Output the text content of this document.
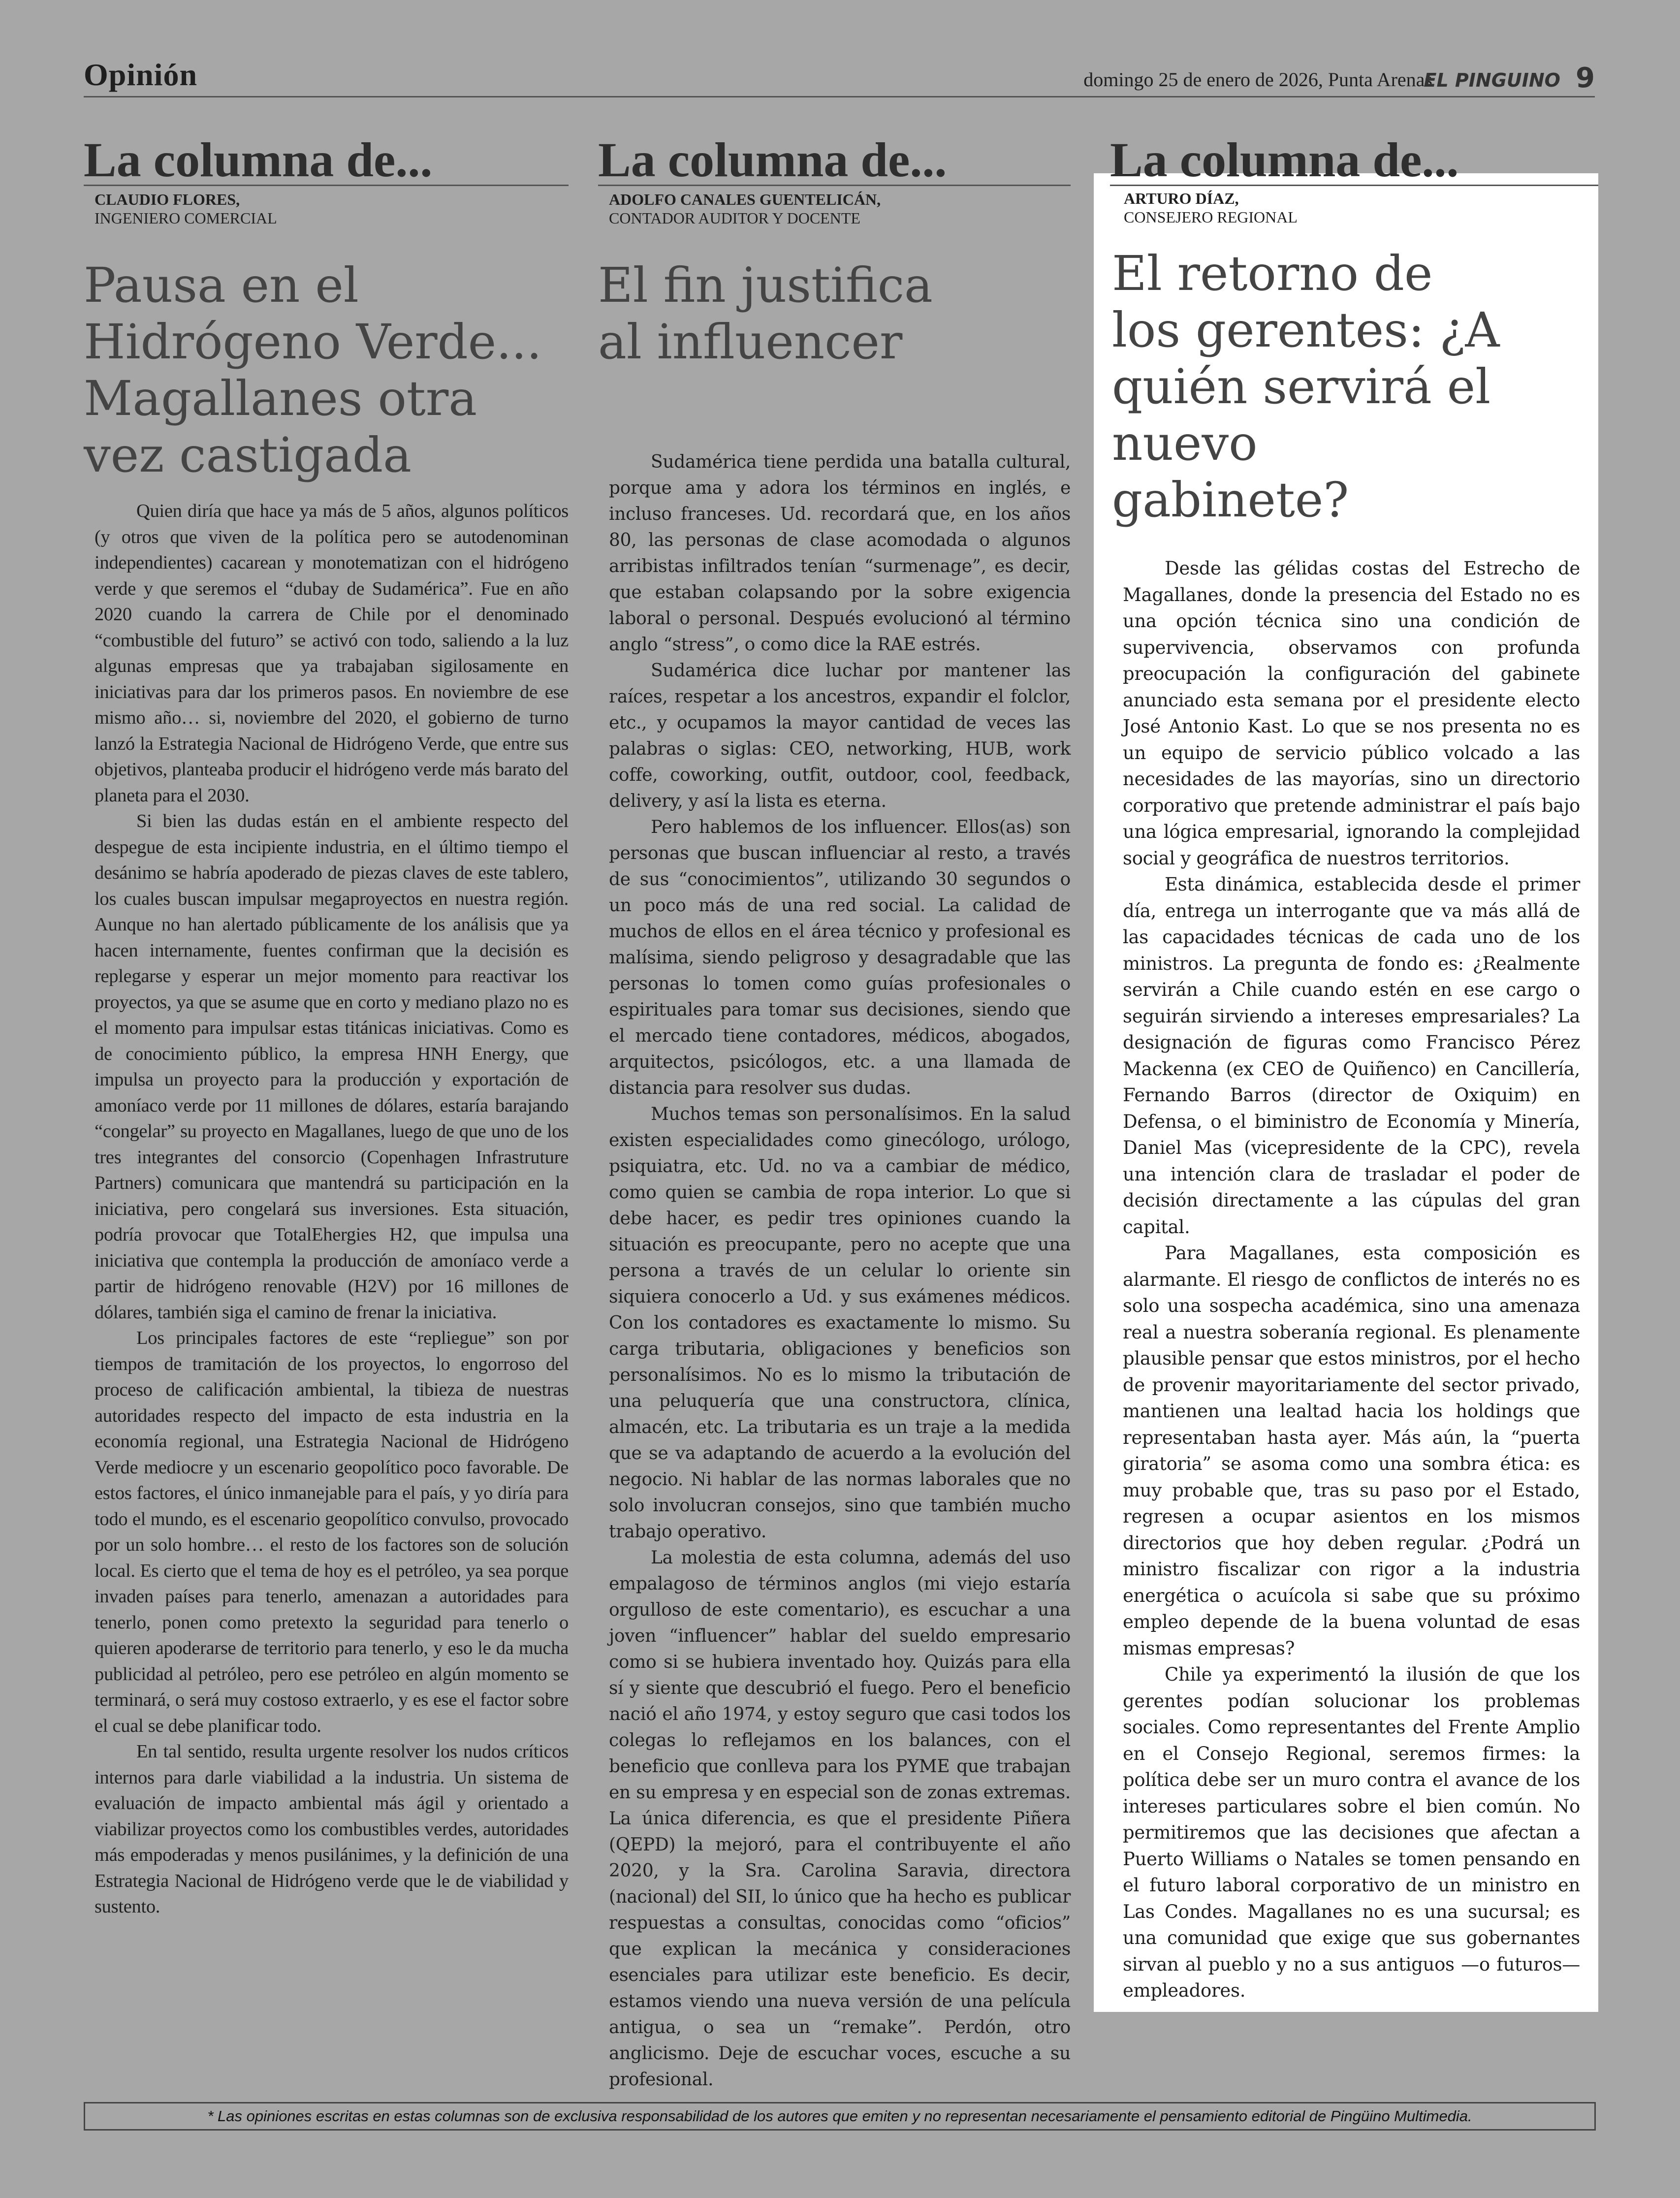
Opinión	domingo 25 de enero de 2026, Punta Arenas
EL PINGUINO 9
La columna de...
CLAUDIO FLORES,
INGENIERO COMERCIAL
Pausa en el Hidrógeno Verde... Magallanes otra vez castigada

Quien diría que hace ya más de 5 años, algunos políticos (y otros que viven de la política pero se autodenominan independientes) cacarean y monotematizan con el hidrógeno verde y que seremos el “dubay de Sudamérica”. Fue en año 2020 cuando la carrera de Chile por el denominado “combustible del futuro” se activó con todo, saliendo a la luz algunas empresas que ya trabajaban sigilosamente en iniciativas para dar los primeros pasos. En noviembre de ese mismo año… si, noviembre del 2020, el gobierno de turno lanzó la Estrategia Nacional de Hidrógeno Verde, que entre sus objetivos, planteaba producir el hidrógeno verde más barato del planeta para el 2030.

Si bien las dudas están en el ambiente respecto del despegue de esta incipiente industria, en el último tiempo el desánimo se habría apoderado de piezas claves de este tablero, los cuales buscan impulsar megaproyectos en nuestra región. Aunque no han alertado públicamente de los análisis que ya hacen internamente, fuentes confirman que la decisión es replegarse y esperar un mejor momento para reactivar los proyectos, ya que se asume que en corto y mediano plazo no es el momento para impulsar estas titánicas iniciativas. Como es de conocimiento público, la empresa HNH Energy, que impulsa un proyecto para la producción y exportación de amoníaco verde por 11 millones de dólares, estaría barajando “congelar” su proyecto en Magallanes, luego de que uno de los tres integrantes del consorcio (Copenhagen Infrastruture Partners) comunicara que mantendrá su participación en la iniciativa, pero congelará sus inversiones. Esta situación, podría provocar que TotalEhergies H2, que impulsa una iniciativa que contempla la producción de amoníaco verde a partir de hidrógeno renovable (H2V) por 16 millones de dólares, también siga el camino de frenar la iniciativa.

Los principales factores de este “repliegue” son por tiempos de tramitación de los proyectos, lo engorroso del proceso de calificación ambiental, la tibieza de nuestras autoridades respecto del impacto de esta industria en la economía regional, una Estrategia Nacional de Hidrógeno Verde mediocre y un escenario geopolítico poco favorable. De estos factores, el único inmanejable para el país, y yo diría para todo el mundo, es el escenario geopolítico convulso, provocado por un solo hombre… el resto de los factores son de solución local. Es cierto que el tema de hoy es el petróleo, ya sea porque invaden países para tenerlo, amenazan a autoridades para tenerlo, ponen como pretexto la seguridad para tenerlo o quieren apoderarse de territorio para tenerlo, y eso le da mucha publicidad al petróleo, pero ese petróleo en algún momento se terminará, o será muy costoso extraerlo, y es ese el factor sobre el cual se debe planificar todo.

En tal sentido, resulta urgente resolver los nudos críticos internos para darle viabilidad a la industria. Un sistema de evaluación de impacto ambiental más ágil y orientado a viabilizar proyectos como los combustibles verdes, autoridades más empoderadas y menos pusilánimes, y la definición de una Estrategia Nacional de Hidrógeno verde que le de viabilidad y sustento.

La columna de...
ADOLFO CANALES GUENTELICÁN,
CONTADOR AUDITOR Y DOCENTE
El fin justifica al influencer

Sudamérica tiene perdida una batalla cultural, porque ama y adora los términos en inglés, e incluso franceses. Ud. recordará que, en los años 80, las personas de clase acomodada o algunos arribistas infiltrados tenían “surmenage”, es decir, que estaban colapsando por la sobre exigencia laboral o personal. Después evolucionó al término anglo “stress”, o como dice la RAE estrés.

Sudamérica dice luchar por mantener las raíces, respetar a los ancestros, expandir el folclor, etc., y ocupamos la mayor cantidad de veces las palabras o siglas: CEO, networking, HUB, work coffe, coworking, outfit, outdoor, cool, feedback, delivery, y así la lista es eterna.

Pero hablemos de los influencer. Ellos(as) son personas que buscan influenciar al resto, a través de sus “conocimientos”, utilizando 30 segundos o un poco más de una red social. La calidad de muchos de ellos en el área técnico y profesional es malísima, siendo peligroso y desagradable que las personas lo tomen como guías profesionales o espirituales para tomar sus decisiones, siendo que el mercado tiene contadores, médicos, abogados, arquitectos, psicólogos, etc. a una llamada de distancia para resolver sus dudas.

Muchos temas son personalísimos. En la salud existen especialidades como ginecólogo, urólogo, psiquiatra, etc. Ud. no va a cambiar de médico, como quien se cambia de ropa interior. Lo que si debe hacer, es pedir tres opiniones cuando la situación es preocupante, pero no acepte que una persona a través de un celular lo oriente sin siquiera conocerlo a Ud. y sus exámenes médicos. Con los contadores es exactamente lo mismo. Su carga tributaria, obligaciones y beneficios son personalísimos. No es lo mismo la tributación de una peluquería que una constructora, clínica, almacén, etc. La tributaria es un traje a la medida que se va adaptando de acuerdo a la evolución del negocio. Ni hablar de las normas laborales que no solo involucran consejos, sino que también mucho trabajo operativo.

La molestia de esta columna, además del uso empalagoso de términos anglos (mi viejo estaría orgulloso de este comentario), es escuchar a una joven “influencer” hablar del sueldo empresario como si se hubiera inventado hoy. Quizás para ella sí y siente que descubrió el fuego. Pero el beneficio nació el año 1974, y estoy seguro que casi todos los colegas lo reflejamos en los balances, con el beneficio que conlleva para los PYME que trabajan en su empresa y en especial son de zonas extremas. La única diferencia, es que el presidente Piñera (QEPD) la mejoró, para el contribuyente el año 2020, y la Sra. Carolina Saravia, directora (nacional) del SII, lo único que ha hecho es publicar respuestas a consultas, conocidas como “oficios” que explican la mecánica y consideraciones esenciales para utilizar este beneficio. Es decir, estamos viendo una nueva versión de una película antigua, o sea un “remake”. Perdón, otro anglicismo. Deje de escuchar voces, escuche a su profesional.

La columna de...
ARTURO DÍAZ,
CONSEJERO REGIONAL
El retorno de los gerentes: ¿A quién servirá el nuevo gabinete?

Desde las gélidas costas del Estrecho de Magallanes, donde la presencia del Estado no es una opción técnica sino una condición de supervivencia, observamos con profunda preocupación la configuración del gabinete anunciado esta semana por el presidente electo José Antonio Kast. Lo que se nos presenta no es un equipo de servicio público volcado a las necesidades de las mayorías, sino un directorio corporativo que pretende administrar el país bajo una lógica empresarial, ignorando la complejidad social y geográfica de nuestros territorios.

Esta dinámica, establecida desde el primer día, entrega un interrogante que va más allá de las capacidades técnicas de cada uno de los ministros. La pregunta de fondo es: ¿Realmente servirán a Chile cuando estén en ese cargo o seguirán sirviendo a intereses empresariales? La designación de figuras como Francisco Pérez Mackenna (ex CEO de Quiñenco) en Cancillería, Fernando Barros (director de Oxiquim) en Defensa, o el biministro de Economía y Minería, Daniel Mas (vicepresidente de la CPC), revela una intención clara de trasladar el poder de decisión directamente a las cúpulas del gran capital.

Para Magallanes, esta composición es alarmante. El riesgo de conflictos de interés no es solo una sospecha académica, sino una amenaza real a nuestra soberanía regional. Es plenamente plausible pensar que estos ministros, por el hecho de provenir mayoritariamente del sector privado, mantienen una lealtad hacia los holdings que representaban hasta ayer. Más aún, la “puerta giratoria” se asoma como una sombra ética: es muy probable que, tras su paso por el Estado, regresen a ocupar asientos en los mismos directorios que hoy deben regular. ¿Podrá un ministro fiscalizar con rigor a la industria energética o acuícola si sabe que su próximo empleo depende de la buena voluntad de esas mismas empresas?

Chile ya experimentó la ilusión de que los gerentes podían solucionar los problemas sociales. Como representantes del Frente Amplio en el Consejo Regional, seremos firmes: la política debe ser un muro contra el avance de los intereses particulares sobre el bien común. No permitiremos que las decisiones que afectan a Puerto Williams o Natales se tomen pensando en el futuro laboral corporativo de un ministro en Las Condes. Magallanes no es una sucursal; es una comunidad que exige que sus gobernantes sirvan al pueblo y no a sus antiguos —o futuros— empleadores.

* Las opiniones escritas en estas columnas son de exclusiva responsabilidad de los autores que emiten y no representan necesariamente el pensamiento editorial de Pingüino Multimedia.
